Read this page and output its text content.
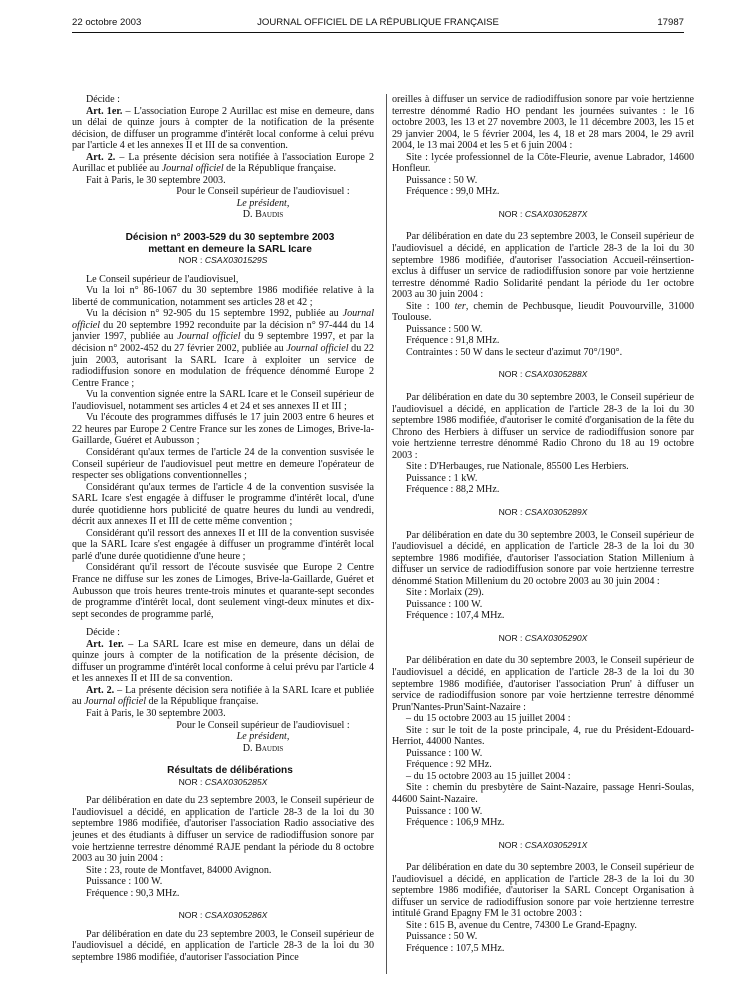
22 octobre 2003	JOURNAL OFFICIEL DE LA RÉPUBLIQUE FRANÇAISE	17987

Décide :

Art. 1er. – L'association Europe 2 Aurillac est mise en demeure, dans un délai de quinze jours à compter de la notification de la présente décision, de diffuser un programme d'intérêt local conforme à celui prévu par l'article 4 et les annexes II et III de sa convention.

Art. 2. – La présente décision sera notifiée à l'association Europe 2 Aurillac et publiée au Journal officiel de la République française.

Fait à Paris, le 30 septembre 2003.

Pour le Conseil supérieur de l'audiovisuel :

Le président,

D. Baudis

Décision n° 2003-529 du 30 septembre 2003

mettant en demeure la SARL Icare

NOR : CSAX0301529S

Le Conseil supérieur de l'audiovisuel,

Vu la loi n° 86-1067 du 30 septembre 1986 modifiée relative à la liberté de communication, notamment ses articles 28 et 42 ;

Vu la décision n° 92-905 du 15 septembre 1992, publiée au Journal officiel du 20 septembre 1992 reconduite par la décision n° 97-444 du 14 janvier 1997, publiée au Journal officiel du 9 septembre 1997, et par la décision n° 2002-452 du 27 février 2002, publiée au Journal officiel du 22 juin 2003, autorisant la SARL Icare à exploiter un service de radiodiffusion sonore en modulation de fréquence dénommé Europe 2 Centre France ;

Vu la convention signée entre la SARL Icare et le Conseil supérieur de l'audiovisuel, notamment ses articles 4 et 24 et ses annexes II et III ;

Vu l'écoute des programmes diffusés le 17 juin 2003 entre 6 heures et 22 heures par Europe 2 Centre France sur les zones de Limoges, Brive-la-Gaillarde, Guéret et Aubusson ;

Considérant qu'aux termes de l'article 24 de la convention susvisée le Conseil supérieur de l'audiovisuel peut mettre en demeure l'opérateur de respecter ses obligations conventionnelles ;

Considérant qu'aux termes de l'article 4 de la convention susvisée la SARL Icare s'est engagée à diffuser le programme d'intérêt local, d'une durée quotidienne hors publicité de quatre heures du lundi au vendredi, décrit aux annexes II et III de cette même convention ;

Considérant qu'il ressort des annexes II et III de la convention susvisée que la SARL Icare s'est engagée à diffuser un programme d'intérêt local parlé d'une durée quotidienne d'une heure ;

Considérant qu'il ressort de l'écoute susvisée que Europe 2 Centre France ne diffuse sur les zones de Limoges, Brive-la-Gaillarde, Guéret et Aubusson que trois heures trente-trois minutes et quarante-sept secondes de programme d'intérêt local, dont seulement vingt-deux minutes et dix-sept secondes de programme parlé,

Décide :

Art. 1er. – La SARL Icare est mise en demeure, dans un délai de quinze jours à compter de la notification de la présente décision, de diffuser un programme d'intérêt local conforme à celui prévu par l'article 4 et les annexes II et III de sa convention.

Art. 2. – La présente décision sera notifiée à la SARL Icare et publiée au Journal officiel de la République française.

Fait à Paris, le 30 septembre 2003.

Pour le Conseil supérieur de l'audiovisuel :

Le président,

D. Baudis

Résultats de délibérations

NOR : CSAX0305285X

Par délibération en date du 23 septembre 2003, le Conseil supérieur de l'audiovisuel a décidé, en application de l'article 28-3 de la loi du 30 septembre 1986 modifiée, d'autoriser l'association Radio associative des jeunes et des étudiants à diffuser un service de radiodiffusion sonore par voie hertzienne terrestre dénommé RAJE pendant la période du 8 octobre 2003 au 30 juin 2004 :

Site : 23, route de Montfavet, 84000 Avignon.

Puissance : 100 W.

Fréquence : 90,3 MHz.

NOR : CSAX0305286X

Par délibération en date du 23 septembre 2003, le Conseil supérieur de l'audiovisuel a décidé, en application de l'article 28-3 de la loi du 30 septembre 1986 modifiée, d'autoriser l'association Pince

oreilles à diffuser un service de radiodiffusion sonore par voie hertzienne terrestre dénommé Radio HO pendant les journées suivantes : le 16 octobre 2003, les 13 et 27 novembre 2003, le 11 décembre 2003, les 15 et 29 janvier 2004, le 5 février 2004, les 4, 18 et 28 mars 2004, le 29 avril 2004, le 13 mai 2004 et les 5 et 6 juin 2004 :

Site : lycée professionnel de la Côte-Fleurie, avenue Labrador, 14600 Honfleur.

Puissance : 50 W.

Fréquence : 99,0 MHz.

NOR : CSAX0305287X

Par délibération en date du 23 septembre 2003, le Conseil supérieur de l'audiovisuel a décidé, en application de l'article 28-3 de la loi du 30 septembre 1986 modifiée, d'autoriser l'association Accueil-réinsertion-exclus à diffuser un service de radiodiffusion sonore par voie hertzienne terrestre dénommé Radio Solidarité pendant la période du 1er octobre 2003 au 30 juin 2004 :

Site : 100 ter, chemin de Pechbusque, lieudit Pouvourville, 31000 Toulouse.

Puissance : 500 W.

Fréquence : 91,8 MHz.

Contraintes : 50 W dans le secteur d'azimut 70°/190°.

NOR : CSAX0305288X

Par délibération en date du 30 septembre 2003, le Conseil supérieur de l'audiovisuel a décidé, en application de l'article 28-3 de la loi du 30 septembre 1986 modifiée, d'autoriser le comité d'organisation de la fête du Chrono des Herbiers à diffuser un service de radiodiffusion sonore par voie hertzienne terrestre dénommé Radio Chrono du 18 au 19 octobre 2003 :

Site : D'Herbauges, rue Nationale, 85500 Les Herbiers.

Puissance : 1 kW.

Fréquence : 88,2 MHz.

NOR : CSAX0305289X

Par délibération en date du 30 septembre 2003, le Conseil supérieur de l'audiovisuel a décidé, en application de l'article 28-3 de la loi du 30 septembre 1986 modifiée, d'autoriser l'association Station Millenium à diffuser un service de radiodiffusion sonore par voie hertzienne terrestre dénommé Station Millenium du 20 octobre 2003 au 30 juin 2004 :

Site : Morlaix (29).

Puissance : 100 W.

Fréquence : 107,4 MHz.

NOR : CSAX0305290X

Par délibération en date du 30 septembre 2003, le Conseil supérieur de l'audiovisuel a décidé, en application de l'article 28-3 de la loi du 30 septembre 1986 modifiée, d'autoriser l'association Prun' à diffuser un service de radiodiffusion sonore par voie hertzienne terrestre dénommé Prun'Nantes-Prun'Saint-Nazaire :

– du 15 octobre 2003 au 15 juillet 2004 :

Site : sur le toit de la poste principale, 4, rue du Président-Edouard-Herriot, 44000 Nantes.

Puissance : 100 W.

Fréquence : 92 MHz.

– du 15 octobre 2003 au 15 juillet 2004 :

Site : chemin du presbytère de Saint-Nazaire, passage Henri-Soulas, 44600 Saint-Nazaire.

Puissance : 100 W.

Fréquence : 106,9 MHz.

NOR : CSAX0305291X

Par délibération en date du 30 septembre 2003, le Conseil supérieur de l'audiovisuel a décidé, en application de l'article 28-3 de la loi du 30 septembre 1986 modifiée, d'autoriser la SARL Concept Organisation à diffuser un service de radiodiffusion sonore par voie hertzienne terrestre intitulé Grand Epagny FM le 31 octobre 2003 :

Site : 615 B, avenue du Centre, 74300 Le Grand-Epagny.

Puissance : 50 W.

Fréquence : 107,5 MHz.
